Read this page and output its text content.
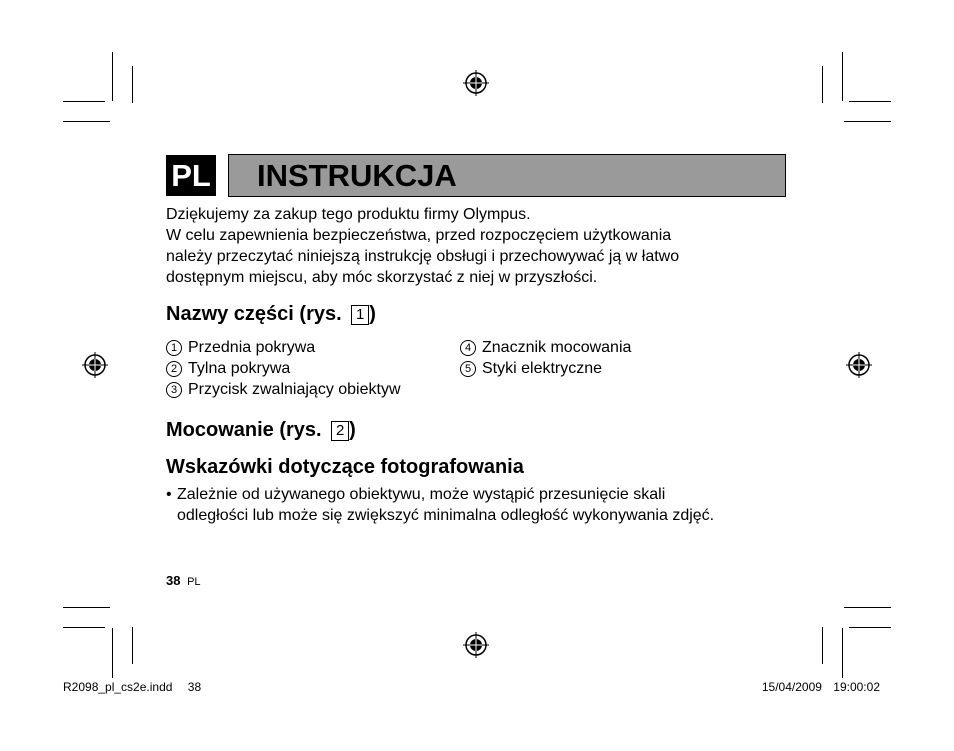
PL INSTRUKCJA
Dziękujemy za zakup tego produktu firmy Olympus.
W celu zapewnienia bezpieczeństwa, przed rozpoczęciem użytkowania
należy przeczytać niniejszą instrukcję obsługi i przechowywać ją w łatwo
dostępnym miejscu, aby móc skorzystać z niej w przyszłości.
Nazwy części (rys. 1 )
1 Przednia pokrywa
2 Tylna pokrywa
3 Przycisk zwalniający obiektyw
4 Znacznik mocowania
5 Styki elektryczne
Mocowanie (rys. 2 )
Wskazówki dotyczące fotografowania
• Zależnie od używanego obiektywu, może wystąpić przesunięcie skali
odległości lub może się zwiększyć minimalna odległość wykonywania zdjęć.
38 PL
R2098_pl_cs2e.indd 38	15/04/2009 19:00:02
